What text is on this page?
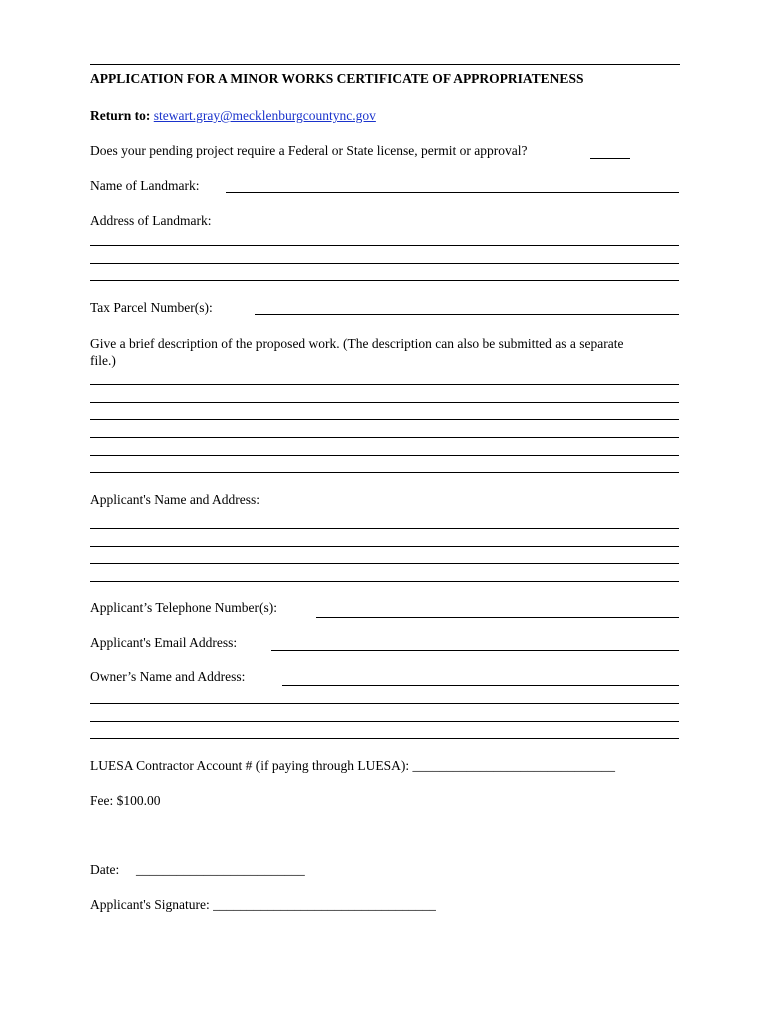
APPLICATION FOR A MINOR WORKS CERTIFICATE OF APPROPRIATENESS
Return to: stewart.gray@mecklenburgcountync.gov
Does your pending project require a Federal or State license, permit or approval?
Name of Landmark:
Address of Landmark:
Tax Parcel Number(s):
Give a brief description of the proposed work. (The description can also be submitted as a separate file.)
Applicant's Name and Address:
Applicant’s Telephone Number(s):
Applicant's Email Address:
Owner’s Name and Address:
LUESA Contractor Account # (if paying through LUESA): ______________________________
Fee: $100.00
Date: _________________________
Applicant's Signature: _________________________________
